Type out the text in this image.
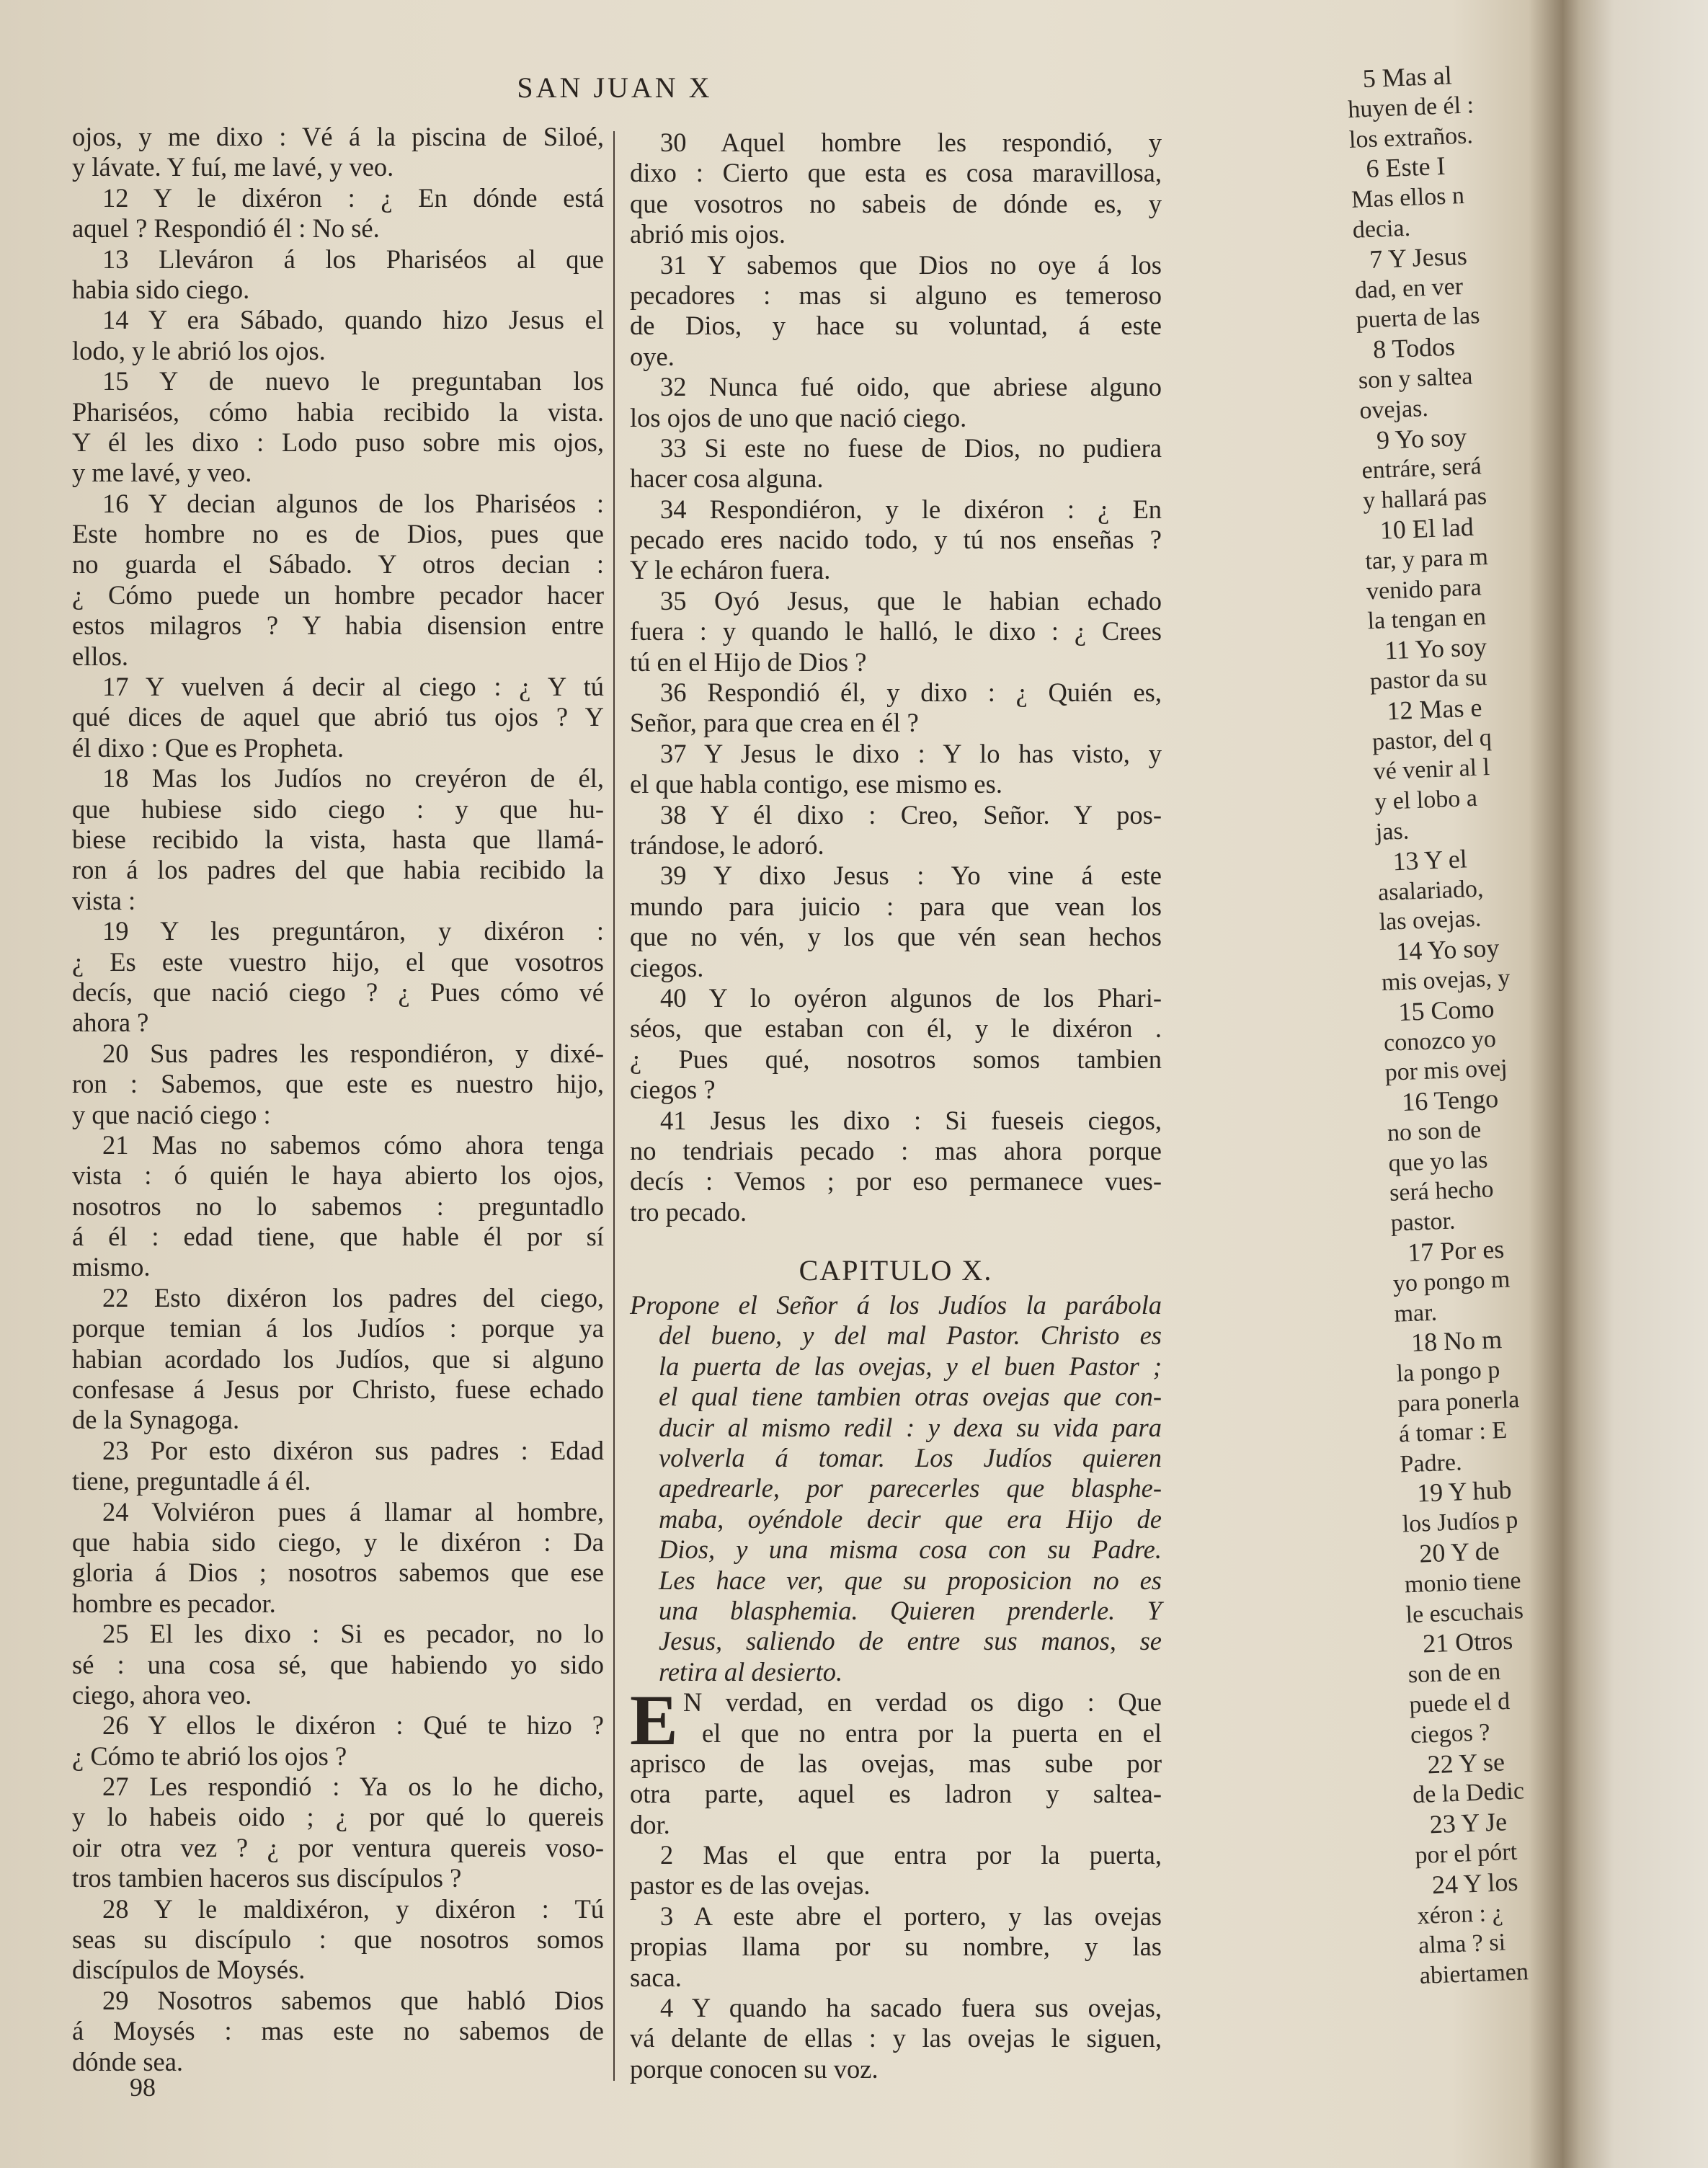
SAN JUAN X
ojos, y me dixo : Vé á la piscina de Siloé,
y lávate. Y fuí, me lavé, y veo.
12 Y le dixéron : ¿ En dónde está
aquel ? Respondió él : No sé.
13 Lleváron á los Phariséos al que
habia sido ciego.
14 Y era Sábado, quando hizo Jesus el
lodo, y le abrió los ojos.
15 Y de nuevo le preguntaban los
Phariséos, cómo habia recibido la vista.
Y él les dixo : Lodo puso sobre mis ojos,
y me lavé, y veo.
16 Y decian algunos de los Phariséos :
Este hombre no es de Dios, pues que
no guarda el Sábado. Y otros decian :
¿ Cómo puede un hombre pecador hacer
estos milagros ? Y habia disension entre
ellos.
17 Y vuelven á decir al ciego : ¿ Y tú
qué dices de aquel que abrió tus ojos ? Y
él dixo : Que es Propheta.
18 Mas los Judíos no creyéron de él,
que hubiese sido ciego : y que hu-
biese recibido la vista, hasta que llamá-
ron á los padres del que habia recibido la
vista :
19 Y les preguntáron, y dixéron :
¿ Es este vuestro hijo, el que vosotros
decís, que nació ciego ? ¿ Pues cómo vé
ahora ?
20 Sus padres les respondiéron, y dixé-
ron : Sabemos, que este es nuestro hijo,
y que nació ciego :
21 Mas no sabemos cómo ahora tenga
vista : ó quién le haya abierto los ojos,
nosotros no lo sabemos : preguntadlo
á él : edad tiene, que hable él por sí
mismo.
22 Esto dixéron los padres del ciego,
porque temian á los Judíos : porque ya
habian acordado los Judíos, que si alguno
confesase á Jesus por Christo, fuese echado
de la Synagoga.
23 Por esto dixéron sus padres : Edad
tiene, preguntadle á él.
24 Volviéron pues á llamar al hombre,
que habia sido ciego, y le dixéron : Da
gloria á Dios ; nosotros sabemos que ese
hombre es pecador.
25 El les dixo : Si es pecador, no lo
sé : una cosa sé, que habiendo yo sido
ciego, ahora veo.
26 Y ellos le dixéron : Qué te hizo ?
¿ Cómo te abrió los ojos ?
27 Les respondió : Ya os lo he dicho,
y lo habeis oido ; ¿ por qué lo quereis
oir otra vez ? ¿ por ventura quereis voso-
tros tambien haceros sus discípulos ?
28 Y le maldixéron, y dixéron : Tú
seas su discípulo : que nosotros somos
discípulos de Moysés.
29 Nosotros sabemos que habló Dios
á Moysés : mas este no sabemos de
dónde sea.
30 Aquel hombre les respondió, y
dixo : Cierto que esta es cosa maravillosa,
que vosotros no sabeis de dónde es, y
abrió mis ojos.
31 Y sabemos que Dios no oye á los
pecadores : mas si alguno es temeroso
de Dios, y hace su voluntad, á este
oye.
32 Nunca fué oido, que abriese alguno
los ojos de uno que nació ciego.
33 Si este no fuese de Dios, no pudiera
hacer cosa alguna.
34 Respondiéron, y le dixéron : ¿ En
pecado eres nacido todo, y tú nos enseñas ?
Y le echáron fuera.
35 Oyó Jesus, que le habian echado
fuera : y quando le halló, le dixo : ¿ Crees
tú en el Hijo de Dios ?
36 Respondió él, y dixo : ¿ Quién es,
Señor, para que crea en él ?
37 Y Jesus le dixo : Y lo has visto, y
el que habla contigo, ese mismo es.
38 Y él dixo : Creo, Señor. Y pos-
trándose, le adoró.
39 Y dixo Jesus : Yo vine á este
mundo para juicio : para que vean los
que no vén, y los que vén sean hechos
ciegos.
40 Y lo oyéron algunos de los Phari-
séos, que estaban con él, y le dixéron .
¿ Pues qué, nosotros somos tambien
ciegos ?
41 Jesus les dixo : Si fueseis ciegos,
no tendriais pecado : mas ahora porque
decís : Vemos ; por eso permanece vues-
tro pecado.
CAPITULO X.
Propone el Señor á los Judíos la parábola
del bueno, y del mal Pastor. Christo es
la puerta de las ovejas, y el buen Pastor ;
el qual tiene tambien otras ovejas que con-
ducir al mismo redil : y dexa su vida para
volverla á tomar. Los Judíos quieren
apedrearle, por parecerles que blasphe-
maba, oyéndole decir que era Hijo de
Dios, y una misma cosa con su Padre.
Les hace ver, que su proposicion no es
una blasphemia. Quieren prenderle. Y
Jesus, saliendo de entre sus manos, se
retira al desierto.
E N verdad, en verdad os digo : Que
el que no entra por la puerta en el
aprisco de las ovejas, mas sube por
otra parte, aquel es ladron y saltea-
dor.
2 Mas el que entra por la puerta,
pastor es de las ovejas.
3 A este abre el portero, y las ovejas
propias llama por su nombre, y las
saca.
4 Y quando ha sacado fuera sus ovejas,
vá delante de ellas : y las ovejas le siguen,
porque conocen su voz.
98
5 Mas al
huyen de él :
los extraños.
6 Este I
Mas ellos n
decia.
7 Y Jesus
dad, en ver
puerta de las
8 Todos
son y saltea
ovejas.
9 Yo soy
entráre, será
y hallará pas
10 El lad
tar, y para m
venido para
la tengan en
11 Yo soy
pastor da su
12 Mas e
pastor, del q
vé venir al l
y el lobo a
jas.
13 Y el
asalariado,
las ovejas.
14 Yo soy
mis ovejas, y
15 Como
conozco yo
por mis ovej
16 Tengo
no son de
que yo las
será hecho
pastor.
17 Por es
yo pongo m
mar.
18 No m
la pongo p
para ponerla
á tomar : E
Padre.
19 Y hub
los Judíos p
20 Y de
monio tiene
le escuchais
21 Otros
son de en
puede el d
ciegos ?
22 Y se
de la Dedic
23 Y Je
por el pórt
24 Y los
xéron : ¿
alma ? si
abiertamen
